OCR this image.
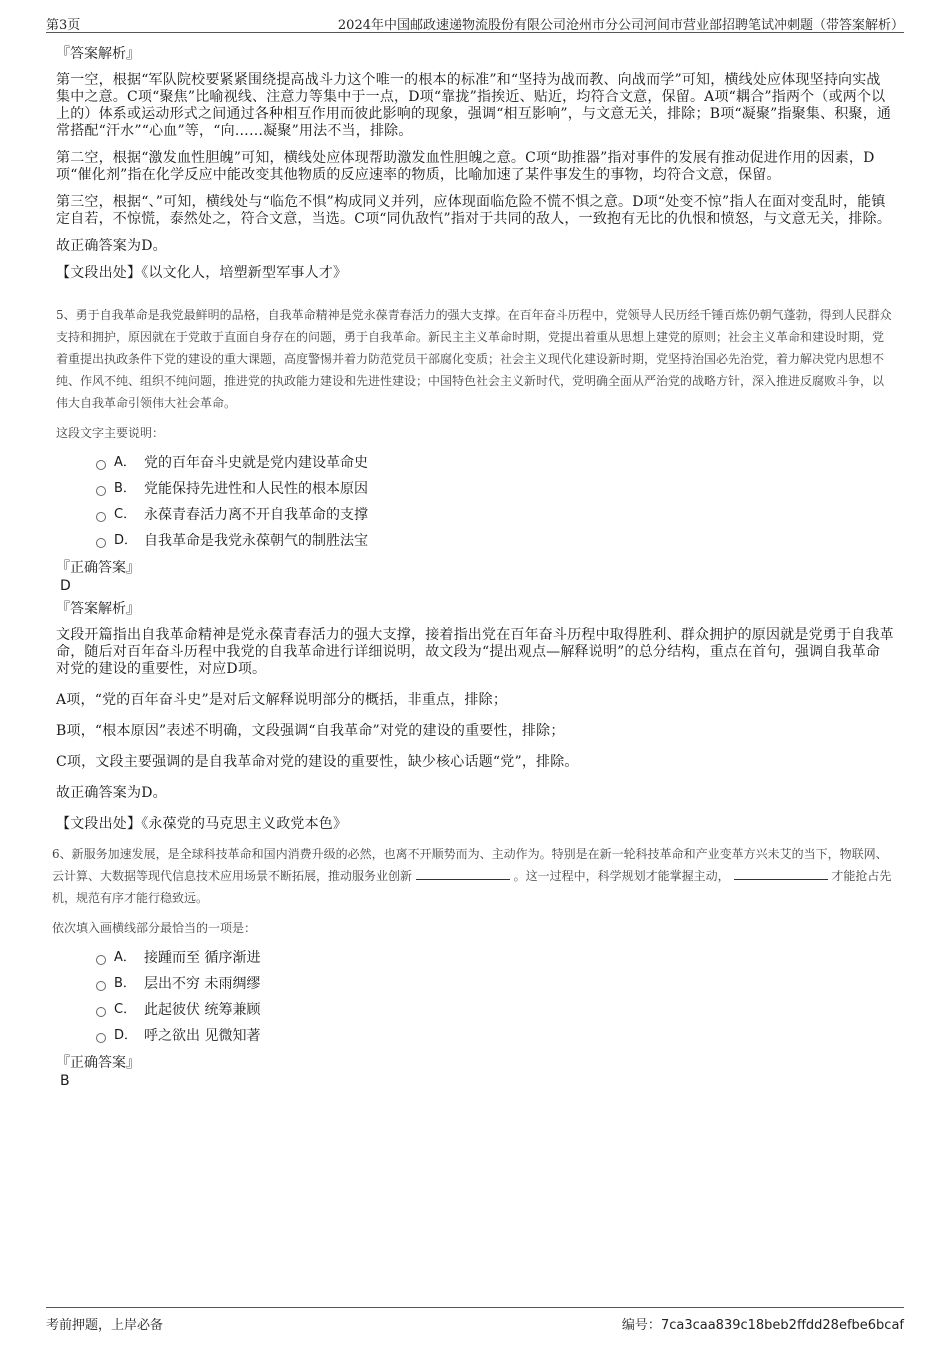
第3页	2024年中国邮政速递物流股份有限公司沧州市分公司河间市营业部招聘笔试冲刺题（带答案解析）
『答案解析』

第一空，根据“军队院校要紧紧围绕提高战斗力这个唯一的根本的标准”和“坚持为战而教、向战而学”可知，横线处应体现坚持向实战集中之意。C项“聚焦”比喻视线、注意力等集中于一点，D项“靠拢”指挨近、贴近，均符合文意，保留。A项“耦合”指两个（或两个以上的）体系或运动形式之间通过各种相互作用而彼此影响的现象，强调“相互影响”，与文意无关，排除；B项“凝聚”指聚集、积聚，通常搭配“汗水”“心血”等，“向……凝聚”用法不当，排除。

第二空，根据“激发血性胆魄”可知，横线处应体现帮助激发血性胆魄之意。C项“助推器”指对事件的发展有推动促进作用的因素，D项“催化剂”指在化学反应中能改变其他物质的反应速率的物质，比喻加速了某件事发生的事物，均符合文意，保留。

第三空，根据“、”可知，横线处与“临危不惧”构成同义并列，应体现面临危险不慌不惧之意。D项“处变不惊”指人在面对变乱时，能镇定自若，不惊慌，泰然处之，符合文意，当选。C项“同仇敌忾”指对于共同的敌人，一致抱有无比的仇恨和愤怒，与文意无关，排除。

故正确答案为D。

【文段出处】《以文化人，培塑新型军事人才》

5、勇于自我革命是我党最鲜明的品格，自我革命精神是党永葆青春活力的强大支撑。在百年奋斗历程中，党领导人民历经千锤百炼仍朝气蓬勃，得到人民群众支持和拥护，原因就在于党敢于直面自身存在的问题，勇于自我革命。新民主主义革命时期，党提出着重从思想上建党的原则；社会主义革命和建设时期，党着重提出执政条件下党的建设的重大课题，高度警惕并着力防范党员干部腐化变质；社会主义现代化建设新时期，党坚持治国必先治党，着力解决党内思想不纯、作风不纯、组织不纯问题，推进党的执政能力建设和先进性建设；中国特色社会主义新时代，党明确全面从严治党的战略方针，深入推进反腐败斗争，以伟大自我革命引领伟大社会革命。
这段文字主要说明：
A． 党的百年奋斗史就是党内建设革命史
B． 党能保持先进性和人民性的根本原因
C． 永葆青春活力离不开自我革命的支撑
D． 自我革命是我党永葆朝气的制胜法宝
『正确答案』
D
『答案解析』

文段开篇指出自我革命精神是党永葆青春活力的强大支撑，接着指出党在百年奋斗历程中取得胜利、群众拥护的原因就是党勇于自我革命，随后对百年奋斗历程中我党的自我革命进行详细说明，故文段为“提出观点—解释说明”的总分结构，重点在首句，强调自我革命对党的建设的重要性，对应D项。

A项，“党的百年奋斗史”是对后文解释说明部分的概括，非重点，排除；

B项，“根本原因”表述不明确，文段强调“自我革命”对党的建设的重要性，排除；

C项，文段主要强调的是自我革命对党的建设的重要性，缺少核心话题“党”，排除。

故正确答案为D。

【文段出处】《永葆党的马克思主义政党本色》

6、新服务加速发展，是全球科技革命和国内消费升级的必然，也离不开顺势而为、主动作为。特别是在新一轮科技革命和产业变革方兴未艾的当下，物联网、云计算、大数据等现代信息技术应用场景不断拓展，推动服务业创新	。这一过程中，科学规划才能掌握主动，	才能抢占先机，规范有序才能行稳致远。
依次填入画横线部分最恰当的一项是：
A． 接踵而至 循序渐进
B． 层出不穷 未雨绸缪
C． 此起彼伏 统筹兼顾
D． 呼之欲出 见微知著
『正确答案』
B
考前押题，上岸必备	编号：7ca3caa839c18beb2ffdd28efbe6bcaf
